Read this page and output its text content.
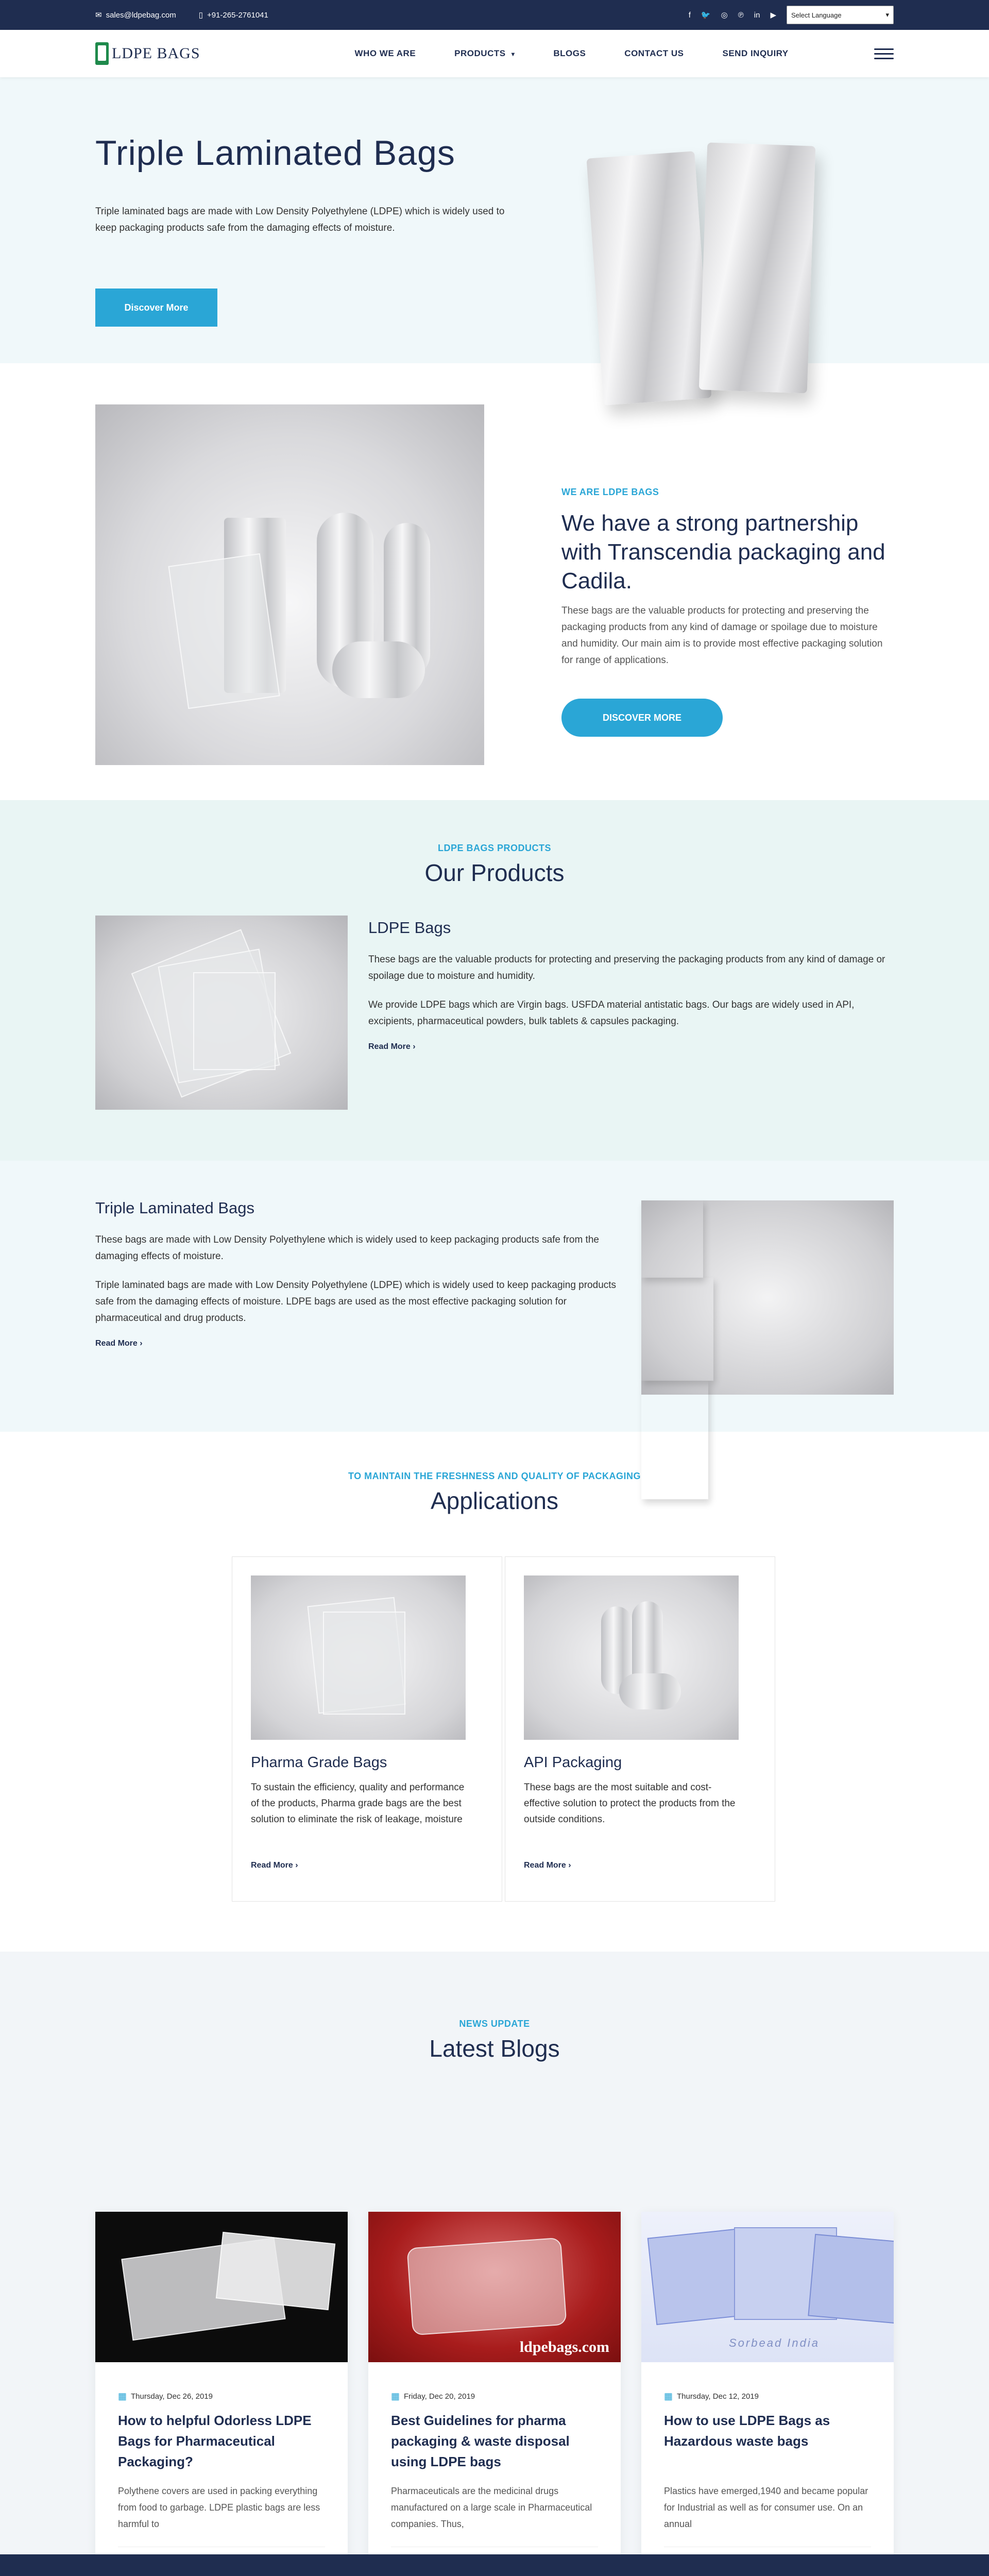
✉ sales@ldpebag.com	▯ +91-265-2761041	f 🐦 ◎ ℗ in ▶ Select Language	▾
LDPE BAGS	WHO WE ARE	PRODUCTS ▾	BLOGS	CONTACT US	SEND INQUIRY
Triple Laminated Bags

Triple laminated bags are made with Low Density Polyethylene (LDPE) which is widely used to keep packaging products safe from the damaging effects of moisture.

Discover More
WE ARE LDPE BAGS
We have a strong partnership with Transcendia packaging and Cadila.

These bags are the valuable products for protecting and preserving the packaging products from any kind of damage or spoilage due to moisture and humidity. Our main aim is to provide most effective packaging solution for range of applications.

DISCOVER MORE
LDPE BAGS PRODUCTS
Our Products
LDPE Bags

These bags are the valuable products for protecting and preserving the packaging products from any kind of damage or spoilage due to moisture and humidity.

We provide LDPE bags which are Virgin bags. USFDA material antistatic bags. Our bags are widely used in API, excipients, pharmaceutical powders, bulk tablets & capsules packaging.

Read More ›
Triple Laminated Bags

These bags are made with Low Density Polyethylene which is widely used to keep packaging products safe from the damaging effects of moisture.

Triple laminated bags are made with Low Density Polyethylene (LDPE) which is widely used to keep packaging products safe from the damaging effects of moisture. LDPE bags are used as the most effective packaging solution for pharmaceutical and drug products.

Read More ›
TO MAINTAIN THE FRESHNESS AND QUALITY OF PACKAGING
Applications
Pharma Grade Bags

To sustain the efficiency, quality and performance of the products, Pharma grade bags are the best solution to eliminate the risk of leakage, moisture

Read More ›
API Packaging

These bags are the most suitable and cost-effective solution to protect the products from the outside conditions.

Read More ›
NEWS UPDATE
Latest Blogs
▦ Thursday, Dec 26, 2019
How to helpful Odorless LDPE Bags for Pharmaceutical Packaging?

Polythene covers are used in packing everything from food to garbage. LDPE plastic bags are less harmful to

ldpebags.com
▦ Friday, Dec 20, 2019
Best Guidelines for pharma packaging & waste disposal using LDPE bags

Pharmaceuticals are the medicinal drugs manufactured on a large scale in Pharmaceutical companies. Thus,

Sorbead India
▦ Thursday, Dec 12, 2019
How to use LDPE Bags as Hazardous waste bags

Plastics have emerged,1940 and became popular for Industrial as well as for consumer use. On an annual
